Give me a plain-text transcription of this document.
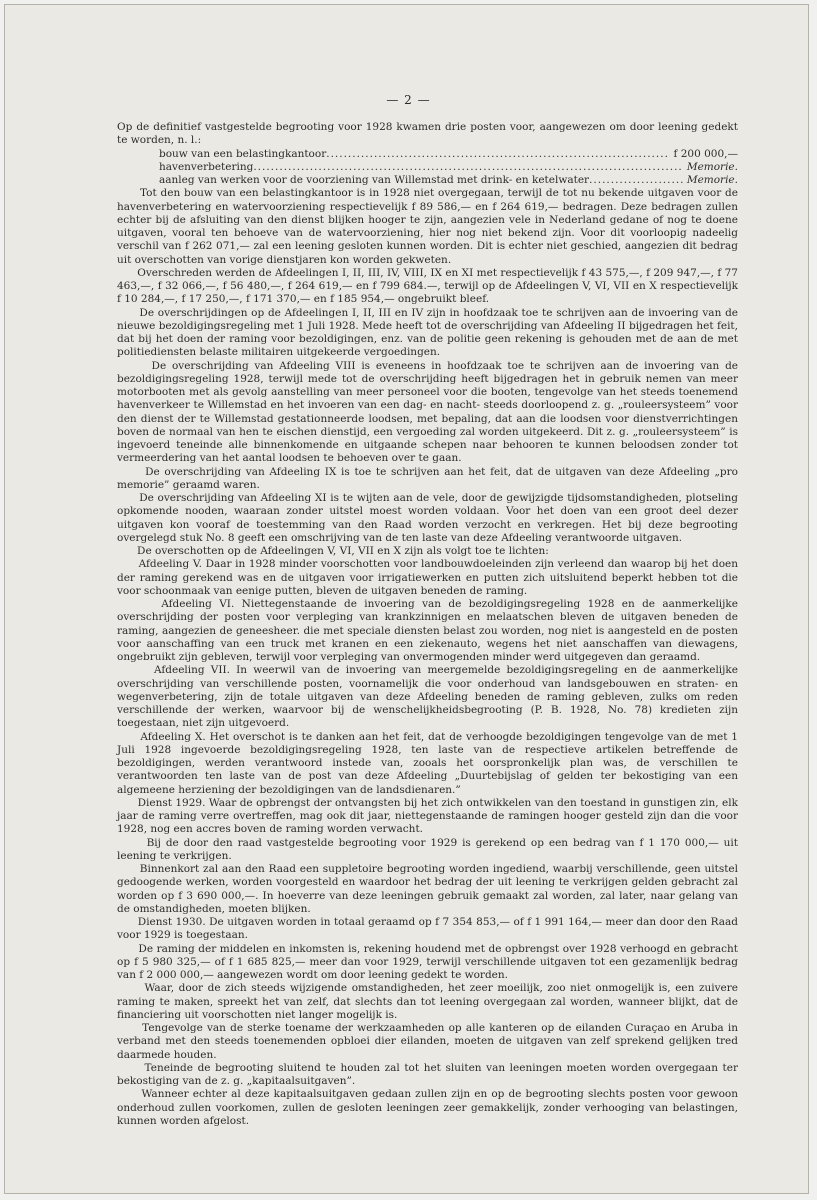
— 2 —

Op de definitief vastgestelde begrooting voor 1928 kwamen drie posten voor, aangewezen om door leening gedekt te worden, n. l.:

bouw van een belastingkantoor .....	f 200 000,—
havenverbetering .....	Memorie.
aanleg van werken voor de voorziening van Willemstad met drink- en ketelwater .....	Memorie.

Tot den bouw van een belastingkantoor is in 1928 niet overgegaan, terwijl de tot nu bekende uitgaven voor de havenverbetering en watervoorziening respectievelijk f 89 586,— en f 264 619,— bedragen. Deze bedragen zullen echter bij de afsluiting van den dienst blijken hooger te zijn, aangezien vele in Nederland gedane of nog te doene uitgaven, vooral ten behoeve van de watervoorziening, hier nog niet bekend zijn. Voor dit voorloopig nadeelig verschil van f 262 071,— zal een leening gesloten kunnen worden. Dit is echter niet geschied, aangezien dit bedrag uit overschotten van vorige dienstjaren kon worden gekweten.

Overschreden werden de Afdeelingen I, II, III, IV, VIII, IX en XI met respectievelijk f 43 575,—, f 209 947,—, f 77 463,—, f 32 066,—, f 56 480,—, f 264 619,— en f 799 684.—, terwijl op de Afdeelingen V, VI, VII en X respectievelijk f 10 284,—, f 17 250,—, f 171 370,— en f 185 954,— ongebruikt bleef.

De overschrijdingen op de Afdeelingen I, II, III en IV zijn in hoofdzaak toe te schrijven aan de invoering van de nieuwe bezoldigingsregeling met 1 Juli 1928. Mede heeft tot de overschrijding van Afdeeling II bijgedragen het feit, dat bij het doen der raming voor bezoldigingen, enz. van de politie geen rekening is gehouden met de aan de met politiediensten belaste militairen uitgekeerde vergoedingen.

De overschrijding van Afdeeling VIII is eveneens in hoofdzaak toe te schrijven aan de invoering van de bezoldigingsregeling 1928, terwijl mede tot de overschrijding heeft bijgedragen het in gebruik nemen van meer motorbooten met als gevolg aanstelling van meer personeel voor die booten, tengevolge van het steeds toenemend havenverkeer te Willemstad en het invoeren van een dag- en nacht- steeds doorloopend z. g. „rouleersysteem” voor den dienst der te Willemstad gestationneerde loodsen, met bepaling, dat aan die loodsen voor dienstverrichtingen boven de normaal van hen te eischen dienstijd, een vergoeding zal worden uitgekeerd. Dit z. g. „rouleersysteem” is ingevoerd teneinde alle binnenkomende en uitgaande schepen naar behooren te kunnen beloodsen zonder tot vermeerdering van het aantal loodsen te behoeven over te gaan.

De overschrijding van Afdeeling IX is toe te schrijven aan het feit, dat de uitgaven van deze Afdeeling „pro memorie” geraamd waren.

De overschrijding van Afdeeling XI is te wijten aan de vele, door de gewijzigde tijdsomstandigheden, plotseling opkomende nooden, waaraan zonder uitstel moest worden voldaan. Voor het doen van een groot deel dezer uitgaven kon vooraf de toestemming van den Raad worden verzocht en verkregen. Het bij deze begrooting overgelegd stuk No. 8 geeft een omschrijving van de ten laste van deze Afdeeling verantwoorde uitgaven.

De overschotten op de Afdeelingen V, VI, VII en X zijn als volgt toe te lichten:

Afdeeling V. Daar in 1928 minder voorschotten voor landbouwdoeleinden zijn verleend dan waarop bij het doen der raming gerekend was en de uitgaven voor irrigatiewerken en putten zich uitsluitend beperkt hebben tot die voor schoonmaak van eenige putten, bleven de uitgaven beneden de raming.

Afdeeling VI. Niettegenstaande de invoering van de bezoldigingsregeling 1928 en de aanmerkelijke overschrijding der posten voor verpleging van krankzinnigen en melaatschen bleven de uitgaven beneden de raming, aangezien de geneesheer. die met speciale diensten belast zou worden, nog niet is aangesteld en de posten voor aanschaffing van een truck met kranen en een ziekenauto, wegens het niet aanschaffen van diewagens, ongebruikt zijn gebleven, terwijl voor verpleging van onvermogenden minder werd uitgegeven dan geraamd.

Afdeeling VII. In weerwil van de invoering van meergemelde bezoldigingsregeling en de aanmerkelijke overschrijding van verschillende posten, voornamelijk die voor onderhoud van landsgebouwen en straten- en wegenverbetering, zijn de totale uitgaven van deze Afdeeling beneden de raming gebleven, zulks om reden verschillende der werken, waarvoor bij de wenschelijkheidsbegrooting (P. B. 1928, No. 78) kredieten zijn toegestaan, niet zijn uitgevoerd.

Afdeeling X. Het overschot is te danken aan het feit, dat de verhoogde bezoldigingen tengevolge van de met 1 Juli 1928 ingevoerde bezoldigingsregeling 1928, ten laste van de respectieve artikelen betreffende de bezoldigingen, werden verantwoord instede van, zooals het oorspronkelijk plan was, de verschillen te verantwoorden ten laste van de post van deze Afdeeling „Duurtebijslag of gelden ter bekostiging van een algemeene herziening der bezoldigingen van de landsdienaren.”

Dienst 1929. Waar de opbrengst der ontvangsten bij het zich ontwikkelen van den toestand in gunstigen zin, elk jaar de raming verre overtreffen, mag ook dit jaar, niettegenstaande de ramingen hooger gesteld zijn dan die voor 1928, nog een accres boven de raming worden verwacht.

Bij de door den raad vastgestelde begrooting voor 1929 is gerekend op een bedrag van f 1 170 000,— uit leening te verkrijgen.

Binnenkort zal aan den Raad een suppletoire begrooting worden ingediend, waarbij verschillende, geen uitstel gedoogende werken, worden voorgesteld en waardoor het bedrag der uit leening te verkrijgen gelden gebracht zal worden op f 3 690 000,—. In hoeverre van deze leeningen gebruik gemaakt zal worden, zal later, naar gelang van de omstandigheden, moeten blijken.

Dienst 1930. De uitgaven worden in totaal geraamd op f 7 354 853,— of f 1 991 164,— meer dan door den Raad voor 1929 is toegestaan.

De raming der middelen en inkomsten is, rekening houdend met de opbrengst over 1928 verhoogd en gebracht op f 5 980 325,— of f 1 685 825,— meer dan voor 1929, terwijl verschillende uitgaven tot een gezamenlijk bedrag van f 2 000 000,— aangewezen wordt om door leening gedekt te worden.

Waar, door de zich steeds wijzigende omstandigheden, het zeer moeilijk, zoo niet onmogelijk is, een zuivere raming te maken, spreekt het van zelf, dat slechts dan tot leening overgegaan zal worden, wanneer blijkt, dat de financiering uit voorschotten niet langer mogelijk is.

Tengevolge van de sterke toename der werkzaamheden op alle kanteren op de eilanden Curaçao en Aruba in verband met den steeds toenemenden opbloei dier eilanden, moeten de uitgaven van zelf sprekend gelijken tred daarmede houden.

Teneinde de begrooting sluitend te houden zal tot het sluiten van leeningen moeten worden overgegaan ter bekostiging van de z. g. „kapitaalsuitgaven”.

Wanneer echter al deze kapitaalsuitgaven gedaan zullen zijn en op de begrooting slechts posten voor gewoon onderhoud zullen voorkomen, zullen de gesloten leeningen zeer gemakkelijk, zonder verhooging van belastingen, kunnen worden afgelost.
